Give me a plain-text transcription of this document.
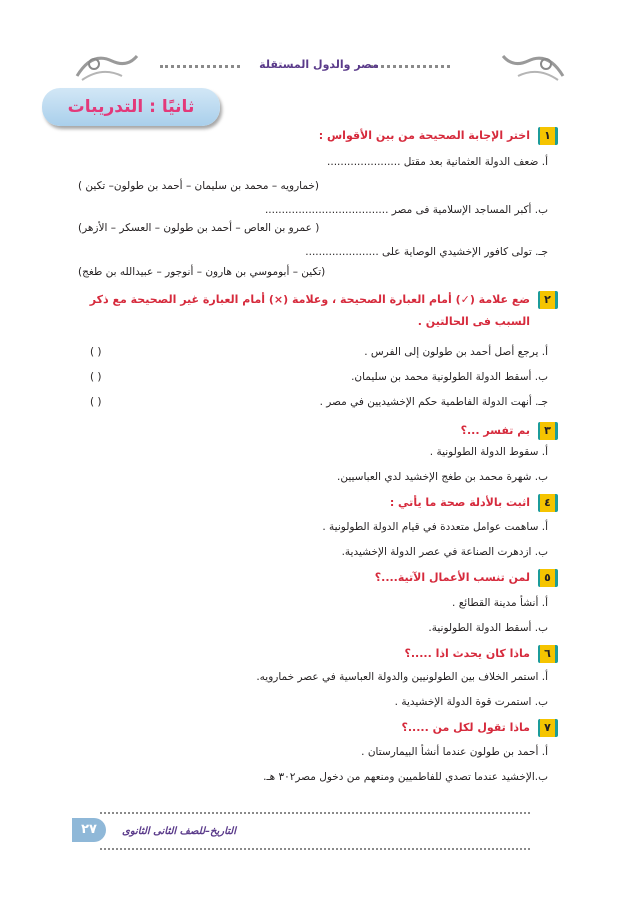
مصر والدول المستقلة
ثانيًا : التدريبات
١
اختر الإجابة الصحيحة من بين الأقواس :
أ. ضعف الدولة العثمانية بعد مقتل ......................
(خمارويه – محمد بن سليمان – أحمد بن طولون– تكين )
ب. أكبر المساجد الإسلامية فى مصر .....................................
( عمرو بن العاص – أحمد بن طولون – العسكر – الأزهر)
جـ. تولى كافور الإخشيدي الوصاية على ......................
(تكين – أبوموسي بن هارون – أنوجور – عبيدالله بن طغج)
٢
ضع علامة (✓) أمام العبارة الصحيحة ، وعلامة (×) أمام العبارة غير الصحيحة مع ذكر السبب فى الحالتين .
أ. يرجع أصل أحمد بن طولون إلى الفرس .
( )
ب. أسقط الدولة الطولونية محمد بن سليمان.
( )
جـ. أنهت الدولة الفاطمية حكم الإخشيديين في مصر .
( )
٣
بم تفسر ...؟
أ. سقوط الدولة الطولونية .
ب. شهرة محمد بن طغج الإخشيد لدي العباسيين.
٤
اثبت بالأدلة صحة ما يأتي :
أ. ساهمت عوامل متعددة في قيام الدولة الطولونية .
ب. ازدهرت الصناعة في عصر الدولة الإخشيدية.
٥
لمن تنسب الأعمال الآتية....؟
أ. أنشأ مدينة القطائع .
ب. أسقط الدولة الطولونية.
٦
ماذا كان يحدث اذا .....؟
أ. استمر الخلاف بين الطولونيين والدولة العباسية في عصر خمارويه.
ب. استمرت قوة الدولة الإخشيدية .
٧
ماذا تقول لكل من .....؟
أ. أحمد بن طولون عندما أنشأ البيمارستان .
ب.الإخشيد عندما تصدي للفاطميين ومنعهم من دخول مصر٣٠٢ هـ.
التاريخ–للصف الثانى الثانوى
٢٧
